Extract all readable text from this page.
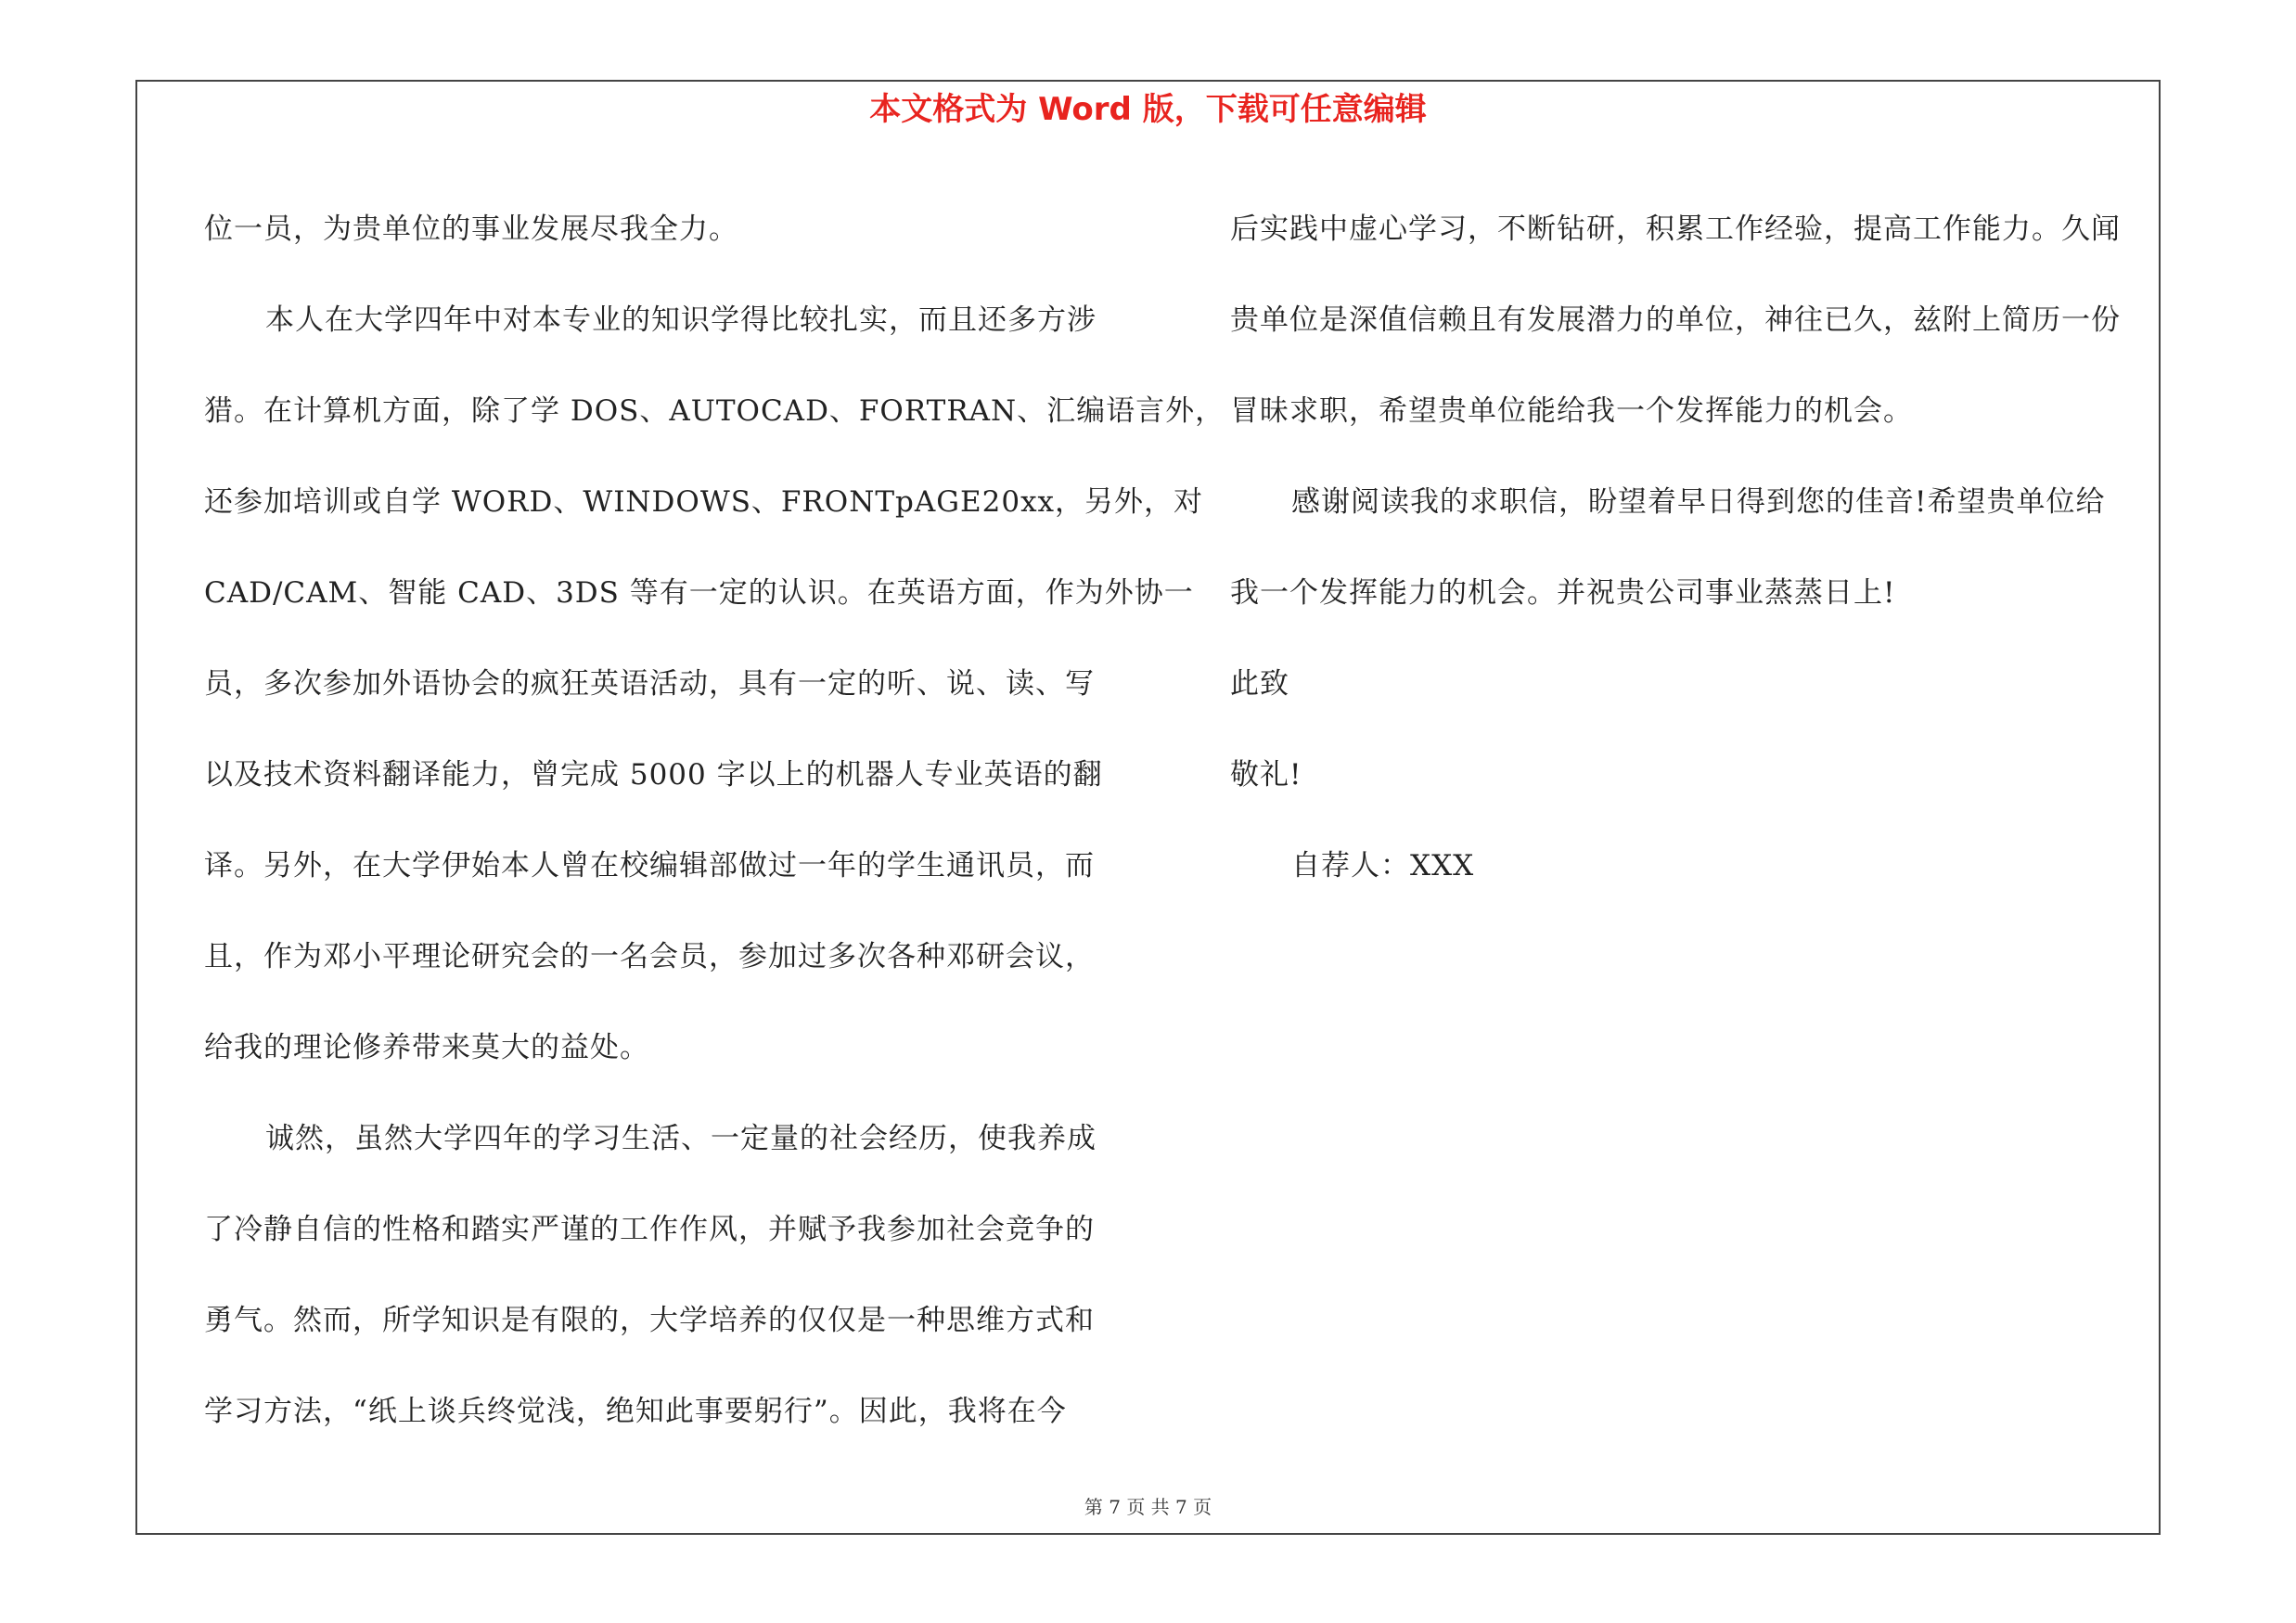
本文格式为 Word 版，下载可任意编辑
位一员，为贵单位的事业发展尽我全力。
本人在大学四年中对本专业的知识学得比较扎实，而且还多方涉
猎。在计算机方面，除了学 DOS、AUTOCAD、FORTRAN、汇编语言外，
还参加培训或自学 WORD、WINDOWS、FRONTpAGE20xx，另外，对
CAD/CAM、智能 CAD、3DS 等有一定的认识。在英语方面，作为外协一
员，多次参加外语协会的疯狂英语活动，具有一定的听、说、读、写
以及技术资料翻译能力，曾完成 5000 字以上的机器人专业英语的翻
译。另外，在大学伊始本人曾在校编辑部做过一年的学生通讯员，而
且，作为邓小平理论研究会的一名会员，参加过多次各种邓研会议，
给我的理论修养带来莫大的益处。
诚然，虽然大学四年的学习生活、一定量的社会经历，使我养成
了冷静自信的性格和踏实严谨的工作作风，并赋予我参加社会竞争的
勇气。然而，所学知识是有限的，大学培养的仅仅是一种思维方式和
学习方法，“纸上谈兵终觉浅，绝知此事要躬行”。因此，我将在今
后实践中虚心学习，不断钻研，积累工作经验，提高工作能力。久闻
贵单位是深值信赖且有发展潜力的单位，神往已久，兹附上简历一份
冒昧求职，希望贵单位能给我一个发挥能力的机会。
感谢阅读我的求职信，盼望着早日得到您的佳音!希望贵单位给
我一个发挥能力的机会。并祝贵公司事业蒸蒸日上!
此致
敬礼!
自荐人：XXX
第 7 页 共 7 页
